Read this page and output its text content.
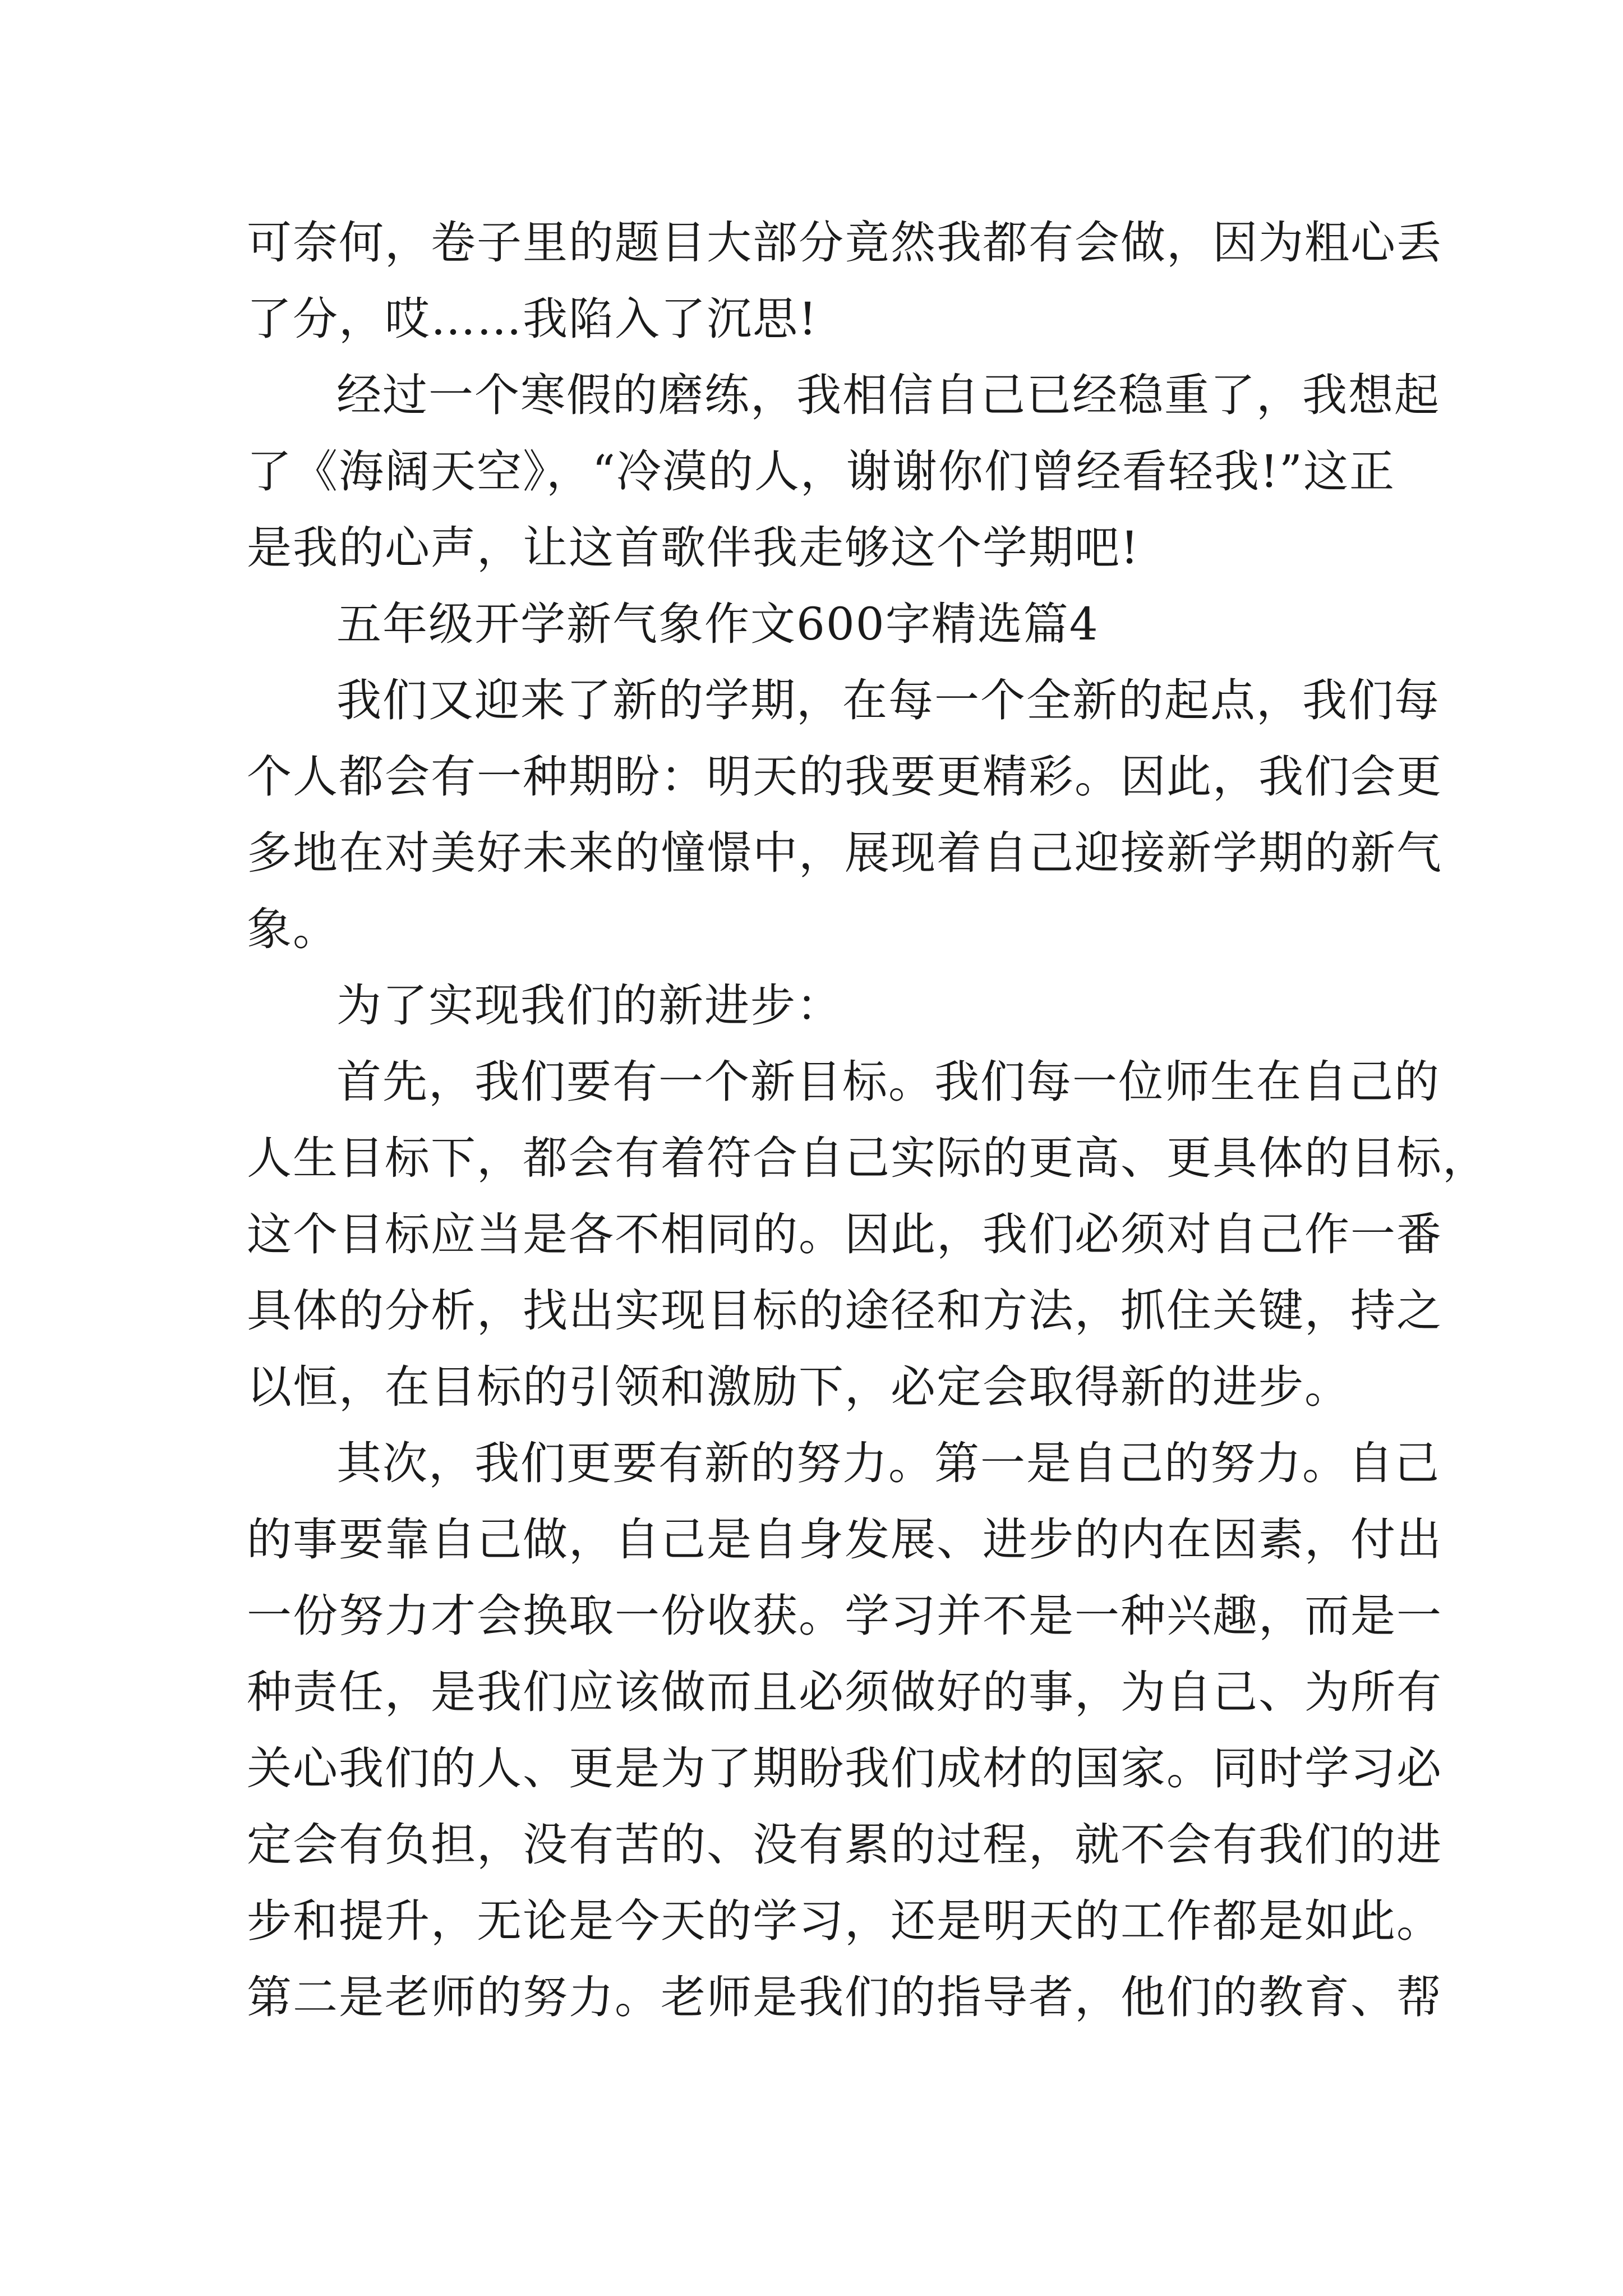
可奈何，卷子里的题目大部分竟然我都有会做，因为粗心丢
了分，哎……我陷入了沉思!
经过一个寒假的磨练，我相信自己已经稳重了，我想起
了《海阔天空》，“冷漠的人，谢谢你们曾经看轻我!”这正
是我的心声，让这首歌伴我走够这个学期吧!
五年级开学新气象作文600字精选篇4
我们又迎来了新的学期，在每一个全新的起点，我们每
个人都会有一种期盼：明天的我要更精彩。因此，我们会更
多地在对美好未来的憧憬中，展现着自己迎接新学期的新气
象。
为了实现我们的新进步：
首先，我们要有一个新目标。我们每一位师生在自己的
人生目标下，都会有着符合自己实际的更高、更具体的目标，
这个目标应当是各不相同的。因此，我们必须对自己作一番
具体的分析，找出实现目标的途径和方法，抓住关键，持之
以恒，在目标的引领和激励下，必定会取得新的进步。
其次，我们更要有新的努力。第一是自己的努力。自己
的事要靠自己做，自己是自身发展、进步的内在因素，付出
一份努力才会换取一份收获。学习并不是一种兴趣，而是一
种责任，是我们应该做而且必须做好的事，为自己、为所有
关心我们的人、更是为了期盼我们成材的国家。同时学习必
定会有负担，没有苦的、没有累的过程，就不会有我们的进
步和提升，无论是今天的学习，还是明天的工作都是如此。
第二是老师的努力。老师是我们的指导者，他们的教育、帮
